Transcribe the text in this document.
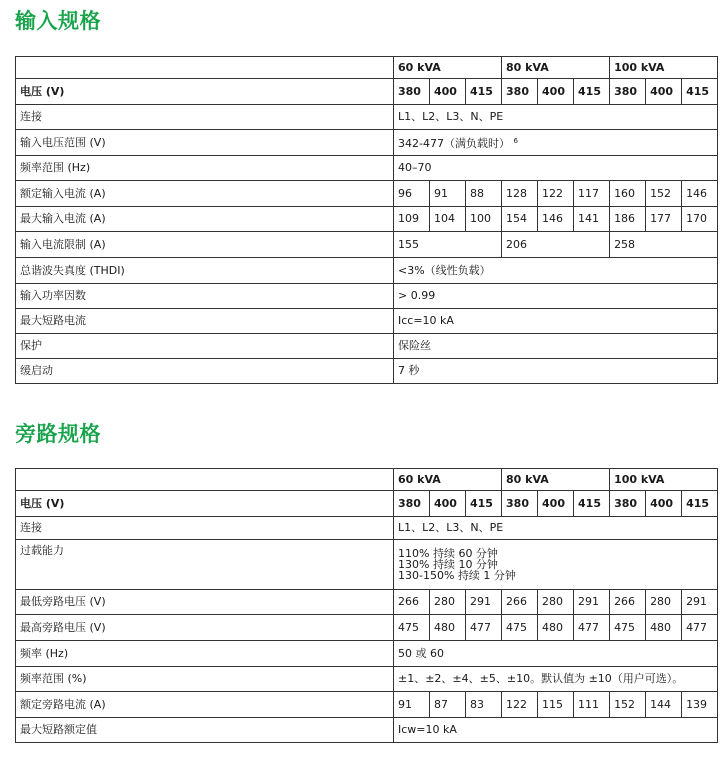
输入规格
	60 kVA			80 kVA			100 kVA		
电压 (V)	380	400	415	380	400	415	380	400	415
连接	L1、L2、L3、N、PE								
输入电压范围 (V)	342-477（满负载时） $^6$
频率范围 (Hz)	40–70								
额定输入电流 (A)	96	91	88	128	122	117	160	152	146
最大输入电流 (A)	109	104	100	154	146	141	186	177	170
输入电流限制 (A)	155			206			258		
总谐波失真度 (THDI)	<3%（线性负载）								
输入功率因数	> 0.99								
最大短路电流	Icc=10 kA								
保护	保险丝								
缓启动	7 秒								
旁路规格
	60 kVA			80 kVA			100 kVA		
电压 (V)	380	400	415	380	400	415	380	400	415
连接	L1、L2、L3、N、PE								
过载能力	110% 持续 60 分钟
130% 持续 10 分钟
130-150% 持续 1 分钟								

最低旁路电压 (V)	266	280	291	266	280	291	266	280	291
最高旁路电压 (V)	475	480	477	475	480	477	475	480	477
频率 (Hz)	50 或 60								
频率范围 (%)	±1、±2、±4、±5、±10。默认值为 ±10（用户可选）。								
额定旁路电流 (A)	91	87	83	122	115	111	152	144	139
最大短路额定值	Icw=10 kA								
